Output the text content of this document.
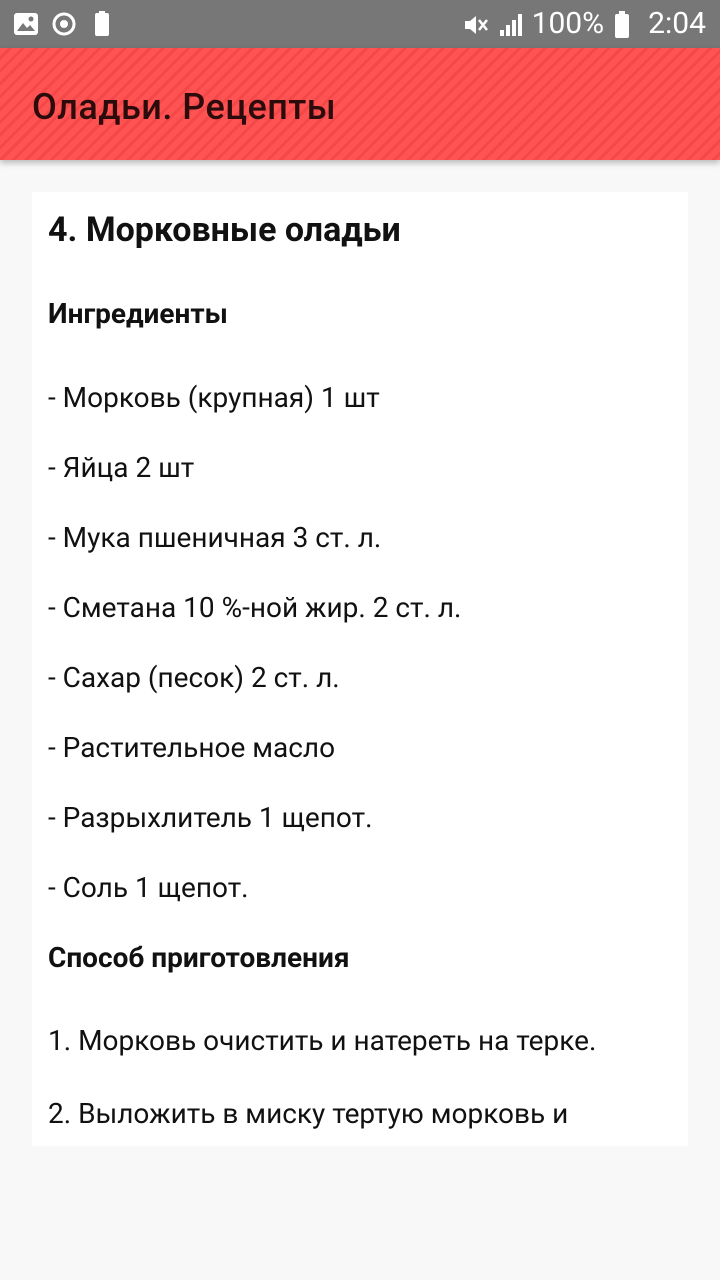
100% 2:04
Оладьи. Рецепты
4. Морковные оладьи
Ингредиенты
- Морковь (крупная) 1 шт
- Яйца 2 шт
- Мука пшеничная 3 ст. л.
- Сметана 10 %-ной жир. 2 ст. л.
- Сахар (песок) 2 ст. л.
- Растительное масло
- Разрыхлитель 1 щепот.
- Соль 1 щепот.
Способ приготовления
1. Морковь очистить и натереть на терке.
2. Выложить в миску тертую морковь и
